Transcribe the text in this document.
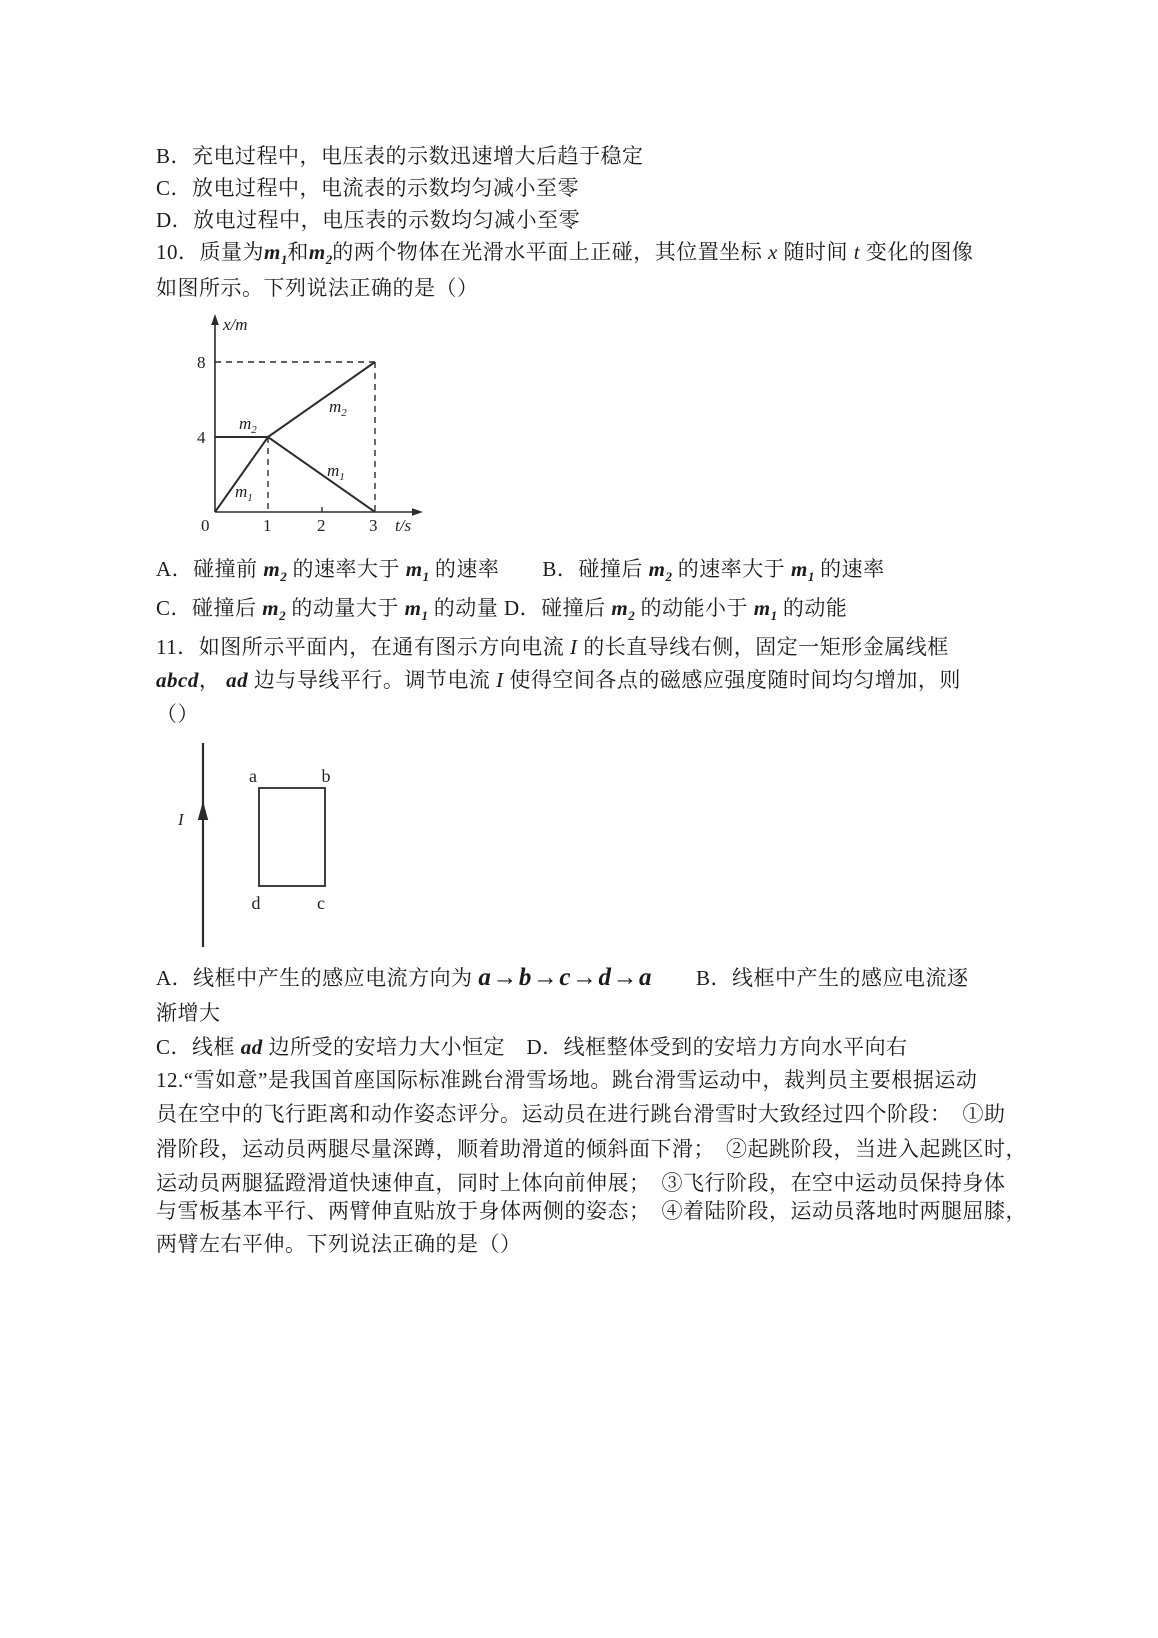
B．充电过程中，电压表的示数迅速增大后趋于稳定
C．放电过程中，电流表的示数均匀减小至零
D．放电过程中，电压表的示数均匀减小至零
10．质量为$m_1$和$m_2$的两个物体在光滑水平面上正碰，其位置坐标 x 随时间 t 变化的图像
如图所示。下列说法正确的是（）
x/m
t/s
8
4
0	1	2	3
$m_1$
$m_1$
$m_2$
$m_2$
A．碰撞前 $m_2$ 的速率大于 $m_1$ 的速率　　 B．碰撞后 $m_2$ 的速率大于 $m_1$ 的速率
C．碰撞后 $m_2$ 的动量大于 $m_1$ 的动量 D．碰撞后 $m_2$ 的动能小于 $m_1$ 的动能
11．如图所示平面内，在通有图示方向电流 I 的长直导线右侧，固定一矩形金属线框
abcd， ad 边与导线平行。调节电流 I 使得空间各点的磁感应强度随时间均匀增加，则
（）
I
a	b
d	c
A．线框中产生的感应电流方向为 a→b→c→d→a　　B．线框中产生的感应电流逐
渐增大
C．线框 ad 边所受的安培力大小恒定　D．线框整体受到的安培力方向水平向右
12.“雪如意”是我国首座国际标准跳台滑雪场地。跳台滑雪运动中，裁判员主要根据运动
员在空中的飞行距离和动作姿态评分。运动员在进行跳台滑雪时大致经过四个阶段：　①助
滑阶段，运动员两腿尽量深蹲，顺着助滑道的倾斜面下滑；　②起跳阶段，当进入起跳区时，
运动员两腿猛蹬滑道快速伸直，同时上体向前伸展；　③飞行阶段，在空中运动员保持身体
与雪板基本平行、两臂伸直贴放于身体两侧的姿态；　④着陆阶段，运动员落地时两腿屈膝，
两臂左右平伸。下列说法正确的是（）
